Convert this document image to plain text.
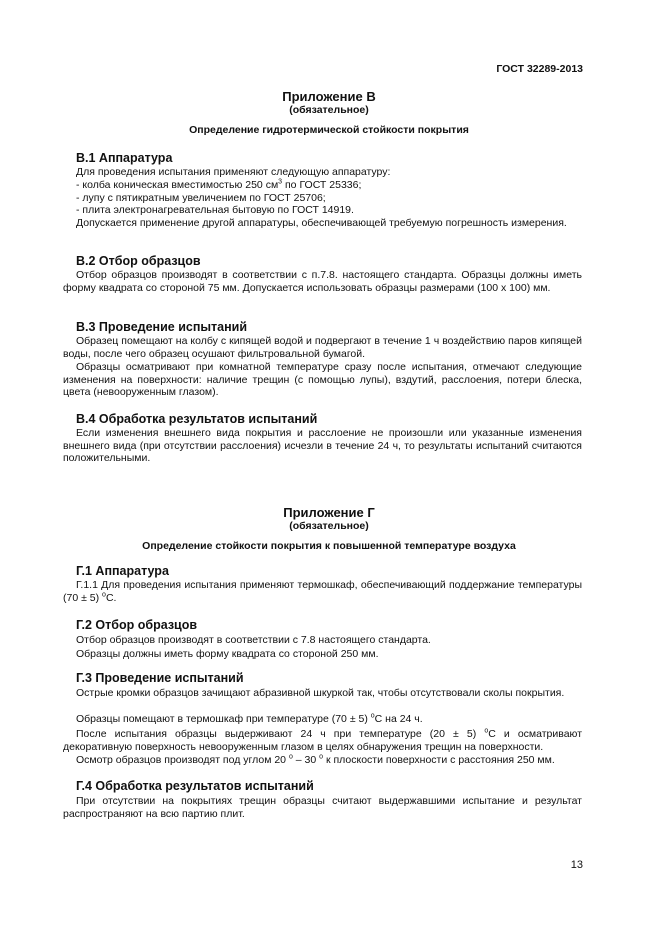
ГОСТ 32289-2013
Приложение В
(обязательное)
Определение гидротермической стойкости покрытия
В.1 Аппаратура

Для проведения испытания применяют следующую аппаратуру:

- колба коническая вместимостью 250 $см^3$ по ГОСТ 25336;

- лупу с пятикратным увеличением по ГОСТ 25706;

- плита электронагревательная бытовую по ГОСТ 14919.

Допускается применение другой аппаратуры, обеспечивающей требуемую погрешность измерения.

В.2 Отбор образцов

Отбор образцов производят в соответствии с п.7.8. настоящего стандарта. Образцы должны иметь форму квадрата со стороной 75 мм. Допускается использовать образцы размерами (100 х 100) мм.

В.3 Проведение испытаний

Образец помещают на колбу с кипящей водой и подвергают в течение 1 ч воздействию паров кипящей воды, после чего образец осушают фильтровальной бумагой.

Образцы осматривают при комнатной температуре сразу после испытания, отмечают следующие изменения на поверхности: наличие трещин (с помощью лупы), вздутий, расслоения, потери блеска, цвета (невооруженным глазом).

В.4 Обработка результатов испытаний

Если изменения внешнего вида покрытия и расслоение не произошли или указанные изменения внешнего вида (при отсутствии расслоения) исчезли в течение 24 ч, то результаты испытаний считаются положительными.

Приложение Г
(обязательное)
Определение стойкости покрытия к повышенной температуре воздуха
Г.1 Аппаратура

Г.1.1 Для проведения испытания применяют термошкаф, обеспечивающий поддержание температуры (70 ± 5) $^o$С.

Г.2 Отбор образцов

Отбор образцов производят в соответствии с 7.8 настоящего стандарта.

Образцы должны иметь форму квадрата со стороной 250 мм.

Г.3 Проведение испытаний

Острые кромки образцов зачищают абразивной шкуркой так, чтобы отсутствовали сколы покрытия.

Образцы помещают в термошкаф при температуре (70 ± 5) $^o$С на 24 ч.

После испытания образцы выдерживают 24 ч при температуре (20 ± 5) $^o$С и осматривают декоративную поверхность невооруженным глазом в целях обнаружения трещин на поверхности.

Осмотр образцов производят под углом 20 $^o$ – 30 $^o$ к плоскости поверхности с расстояния 250 мм.

Г.4 Обработка результатов испытаний

При отсутствии на покрытиях трещин образцы считают выдержавшими испытание и результат распространяют на всю партию плит.

13
